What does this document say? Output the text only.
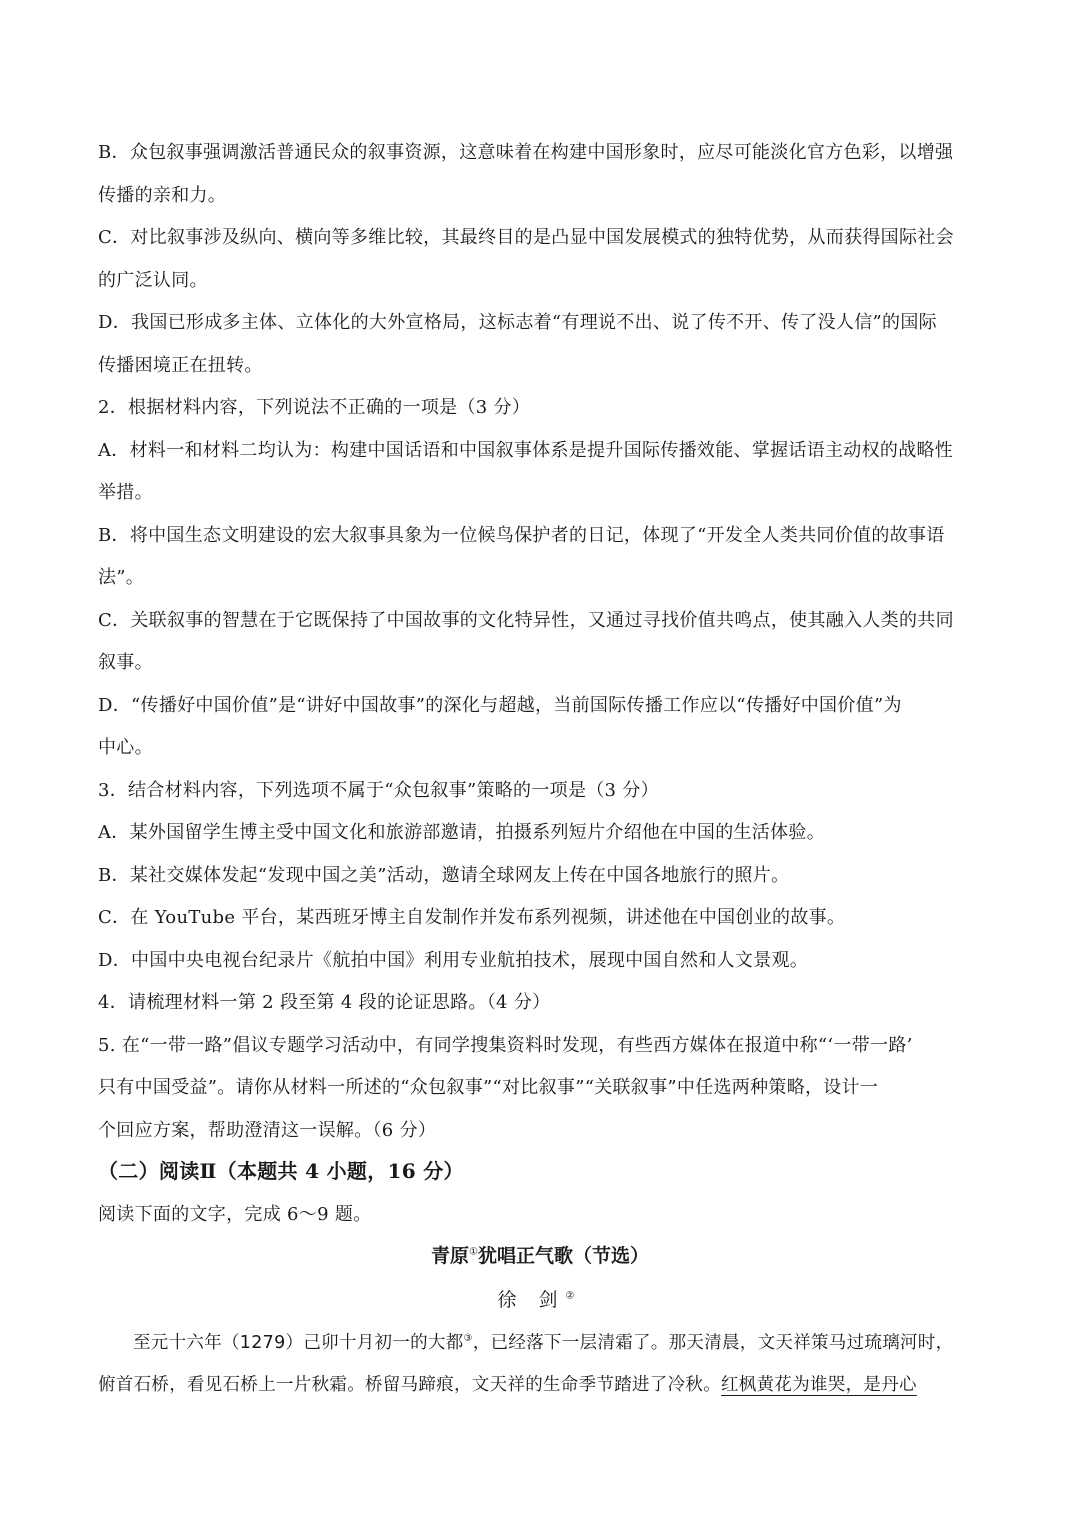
B．众包叙事强调激活普通民众的叙事资源，这意味着在构建中国形象时，应尽可能淡化官方色彩，以增强

传播的亲和力。

C．对比叙事涉及纵向、横向等多维比较，其最终目的是凸显中国发展模式的独特优势，从而获得国际社会

的广泛认同。

D．我国已形成多主体、立体化的大外宣格局，这标志着“有理说不出、说了传不开、传了没人信”的国际

传播困境正在扭转。

2．根据材料内容，下列说法不正确的一项是（3 分）

A．材料一和材料二均认为：构建中国话语和中国叙事体系是提升国际传播效能、掌握话语主动权的战略性

举措。

B．将中国生态文明建设的宏大叙事具象为一位候鸟保护者的日记，体现了“开发全人类共同价值的故事语

法”。

C．关联叙事的智慧在于它既保持了中国故事的文化特异性，又通过寻找价值共鸣点，使其融入人类的共同

叙事。

D．“传播好中国价值”是“讲好中国故事”的深化与超越，当前国际传播工作应以“传播好中国价值”为

中心。

3．结合材料内容，下列选项不属于“众包叙事”策略的一项是（3 分）

A．某外国留学生博主受中国文化和旅游部邀请，拍摄系列短片介绍他在中国的生活体验。

B．某社交媒体发起“发现中国之美”活动，邀请全球网友上传在中国各地旅行的照片。

C．在 YouTube 平台，某西班牙博主自发制作并发布系列视频，讲述他在中国创业的故事。

D．中国中央电视台纪录片《航拍中国》利用专业航拍技术，展现中国自然和人文景观。

4．请梳理材料一第 2 段至第 4 段的论证思路。（4 分）

5. 在“一带一路”倡议专题学习活动中，有同学搜集资料时发现，有些西方媒体在报道中称“‘一带一路’

只有中国受益”。请你从材料一所述的“众包叙事”“对比叙事”“关联叙事”中任选两种策略，设计一

个回应方案，帮助澄清这一误解。（6 分）

（二）阅读Ⅱ（本题共 4 小题，16 分）

阅读下面的文字，完成 6～9 题。

青原①犹唱正气歌（节选）

徐 剑②

至元十六年（1279）己卯十月初一的大都③，已经落下一层清霜了。那天清晨，文天祥策马过琉璃河时，

俯首石桥，看见石桥上一片秋霜。桥留马蹄痕，文天祥的生命季节踏进了冷秋。红枫黄花为谁哭，是丹心
